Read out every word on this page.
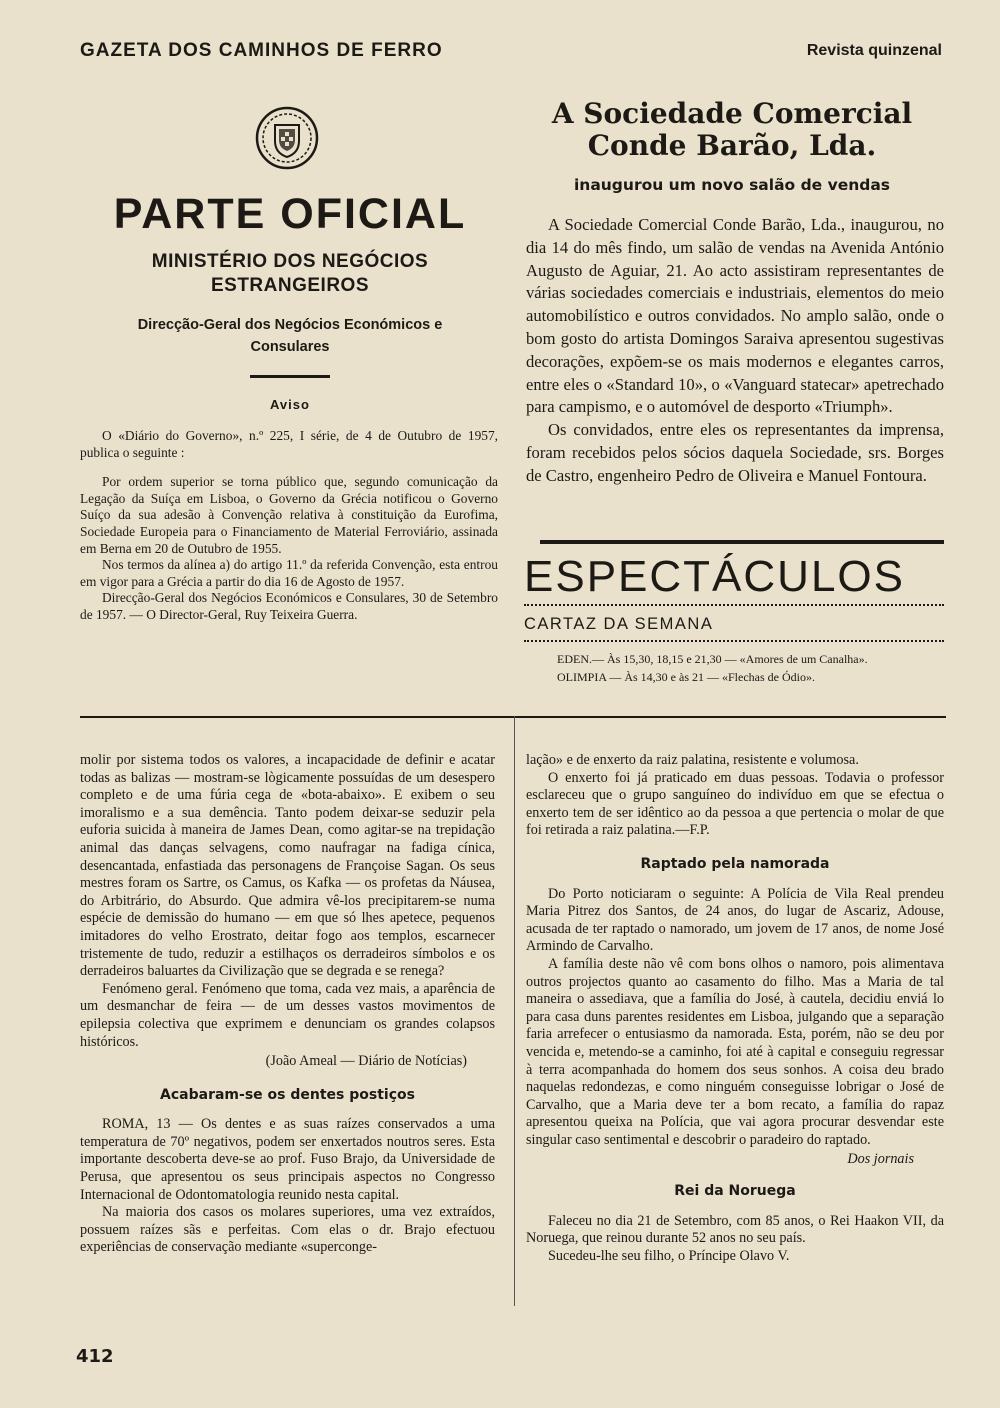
GAZETA DOS CAMINHOS DE FERRO	Revista quinzenal
PARTE OFICIAL
MINISTÉRIO DOS NEGÓCIOS ESTRANGEIROS
Direcção-Geral dos Negócios Económicos e Consulares
Aviso

O «Diário do Governo», n.º 225, I série, de 4 de Outubro de 1957, publica o seguinte :

Por ordem superior se torna público que, segundo comunicação da Legação da Suíça em Lisboa, o Governo da Grécia notificou o Governo Suíço da sua adesão à Convenção relativa à constituição da Eurofima, Sociedade Europeia para o Financiamento de Material Ferroviário, assinada em Berna em 20 de Outubro de 1955.

Nos termos da alínea a) do artigo 11.º da referida Convenção, esta entrou em vigor para a Grécia a partir do dia 16 de Agosto de 1957.

Direcção-Geral dos Negócios Económicos e Consulares, 30 de Setembro de 1957. — O Director-Geral, Ruy Teixeira Guerra.

A Sociedade Comercial
Conde Barão, Lda.
inaugurou um novo salão de vendas

A Sociedade Comercial Conde Barão, Lda., inaugurou, no dia 14 do mês findo, um salão de vendas na Avenida António Augusto de Aguiar, 21. Ao acto assistiram representantes de várias sociedades comerciais e industriais, elementos do meio automobilístico e outros convidados. No amplo salão, onde o bom gosto do artista Domingos Saraiva apresentou sugestivas decorações, expõem-se os mais modernos e elegantes carros, entre eles o «Standard 10», o «Vanguard statecar» apetrechado para campismo, e o automóvel de desporto «Triumph».

Os convidados, entre eles os representantes da imprensa, foram recebidos pelos sócios daquela Sociedade, srs. Borges de Castro, engenheiro Pedro de Oliveira e Manuel Fontoura.

ESPECTÁCULOS
CARTAZ DA SEMANA
EDEN.— Às 15,30, 18,15 e 21,30 — «Amores de um Canalha».
OLIMPIA — Às 14,30 e às 21 — «Flechas de Ódio».

molir por sistema todos os valores, a incapacidade de definir e acatar todas as balizas — mostram-se lògicamente possuídas de um desespero completo e de uma fúria cega de «bota-abaixo». E exibem o seu imoralismo e a sua demência. Tanto podem deixar-se seduzir pela euforia suicida à maneira de James Dean, como agitar-se na trepidação animal das danças selvagens, como naufragar na fadiga cínica, desencantada, enfastiada das personagens de Françoise Sagan. Os seus mestres foram os Sartre, os Camus, os Kafka — os profetas da Náusea, do Arbitrário, do Absurdo. Que admira vê-los precipitarem-se numa espécie de demissão do humano — em que só lhes apetece, pequenos imitadores do velho Erostrato, deitar fogo aos templos, escarnecer tristemente de tudo, reduzir a estilhaços os derradeiros símbolos e os derradeiros baluartes da Civilização que se degrada e se renega?

Fenómeno geral. Fenómeno que toma, cada vez mais, a aparência de um desmanchar de feira — de um desses vastos movimentos de epilepsia colectiva que exprimem e denunciam os grandes colapsos históricos.

(João Ameal — Diário de Notícias)

Acabaram-se os dentes postiços

ROMA, 13 — Os dentes e as suas raízes conservados a uma temperatura de 70º negativos, podem ser enxertados noutros seres. Esta importante descoberta deve-se ao prof. Fuso Brajo, da Universidade de Perusa, que apresentou os seus principais aspectos no Congresso Internacional de Odontomatologia reunido nesta capital.

Na maioria dos casos os molares superiores, uma vez extraídos, possuem raízes sãs e perfeitas. Com elas o dr. Brajo efectuou experiências de conservação mediante «superconge-

lação» e de enxerto da raiz palatina, resistente e volumosa.

O enxerto foi já praticado em duas pessoas. Todavia o professor esclareceu que o grupo sanguíneo do indivíduo em que se efectua o enxerto tem de ser idêntico ao da pessoa a que pertencia o molar de que foi retirada a raiz palatina.—F.P.

Raptado pela namorada

Do Porto noticiaram o seguinte: A Polícia de Vila Real prendeu Maria Pitrez dos Santos, de 24 anos, do lugar de Ascariz, Adouse, acusada de ter raptado o namorado, um jovem de 17 anos, de nome José Armindo de Carvalho.

A família deste não vê com bons olhos o namoro, pois alimentava outros projectos quanto ao casamento do filho. Mas a Maria de tal maneira o assediava, que a família do José, à cautela, decidiu enviá lo para casa duns parentes residentes em Lisboa, julgando que a separação faria arrefecer o entusiasmo da namorada. Esta, porém, não se deu por vencida e, metendo-se a caminho, foi até à capital e conseguiu regressar à terra acompanhada do homem dos seus sonhos. A coisa deu brado naquelas redondezas, e como ninguém conseguisse lobrigar o José de Carvalho, que a Maria deve ter a bom recato, a família do rapaz apresentou queixa na Polícia, que vai agora procurar desvendar este singular caso sentimental e descobrir o paradeiro do raptado.

Dos jornais

Rei da Noruega

Faleceu no dia 21 de Setembro, com 85 anos, o Rei Haakon VII, da Noruega, que reinou durante 52 anos no seu país.

Sucedeu-lhe seu filho, o Príncipe Olavo V.

412
